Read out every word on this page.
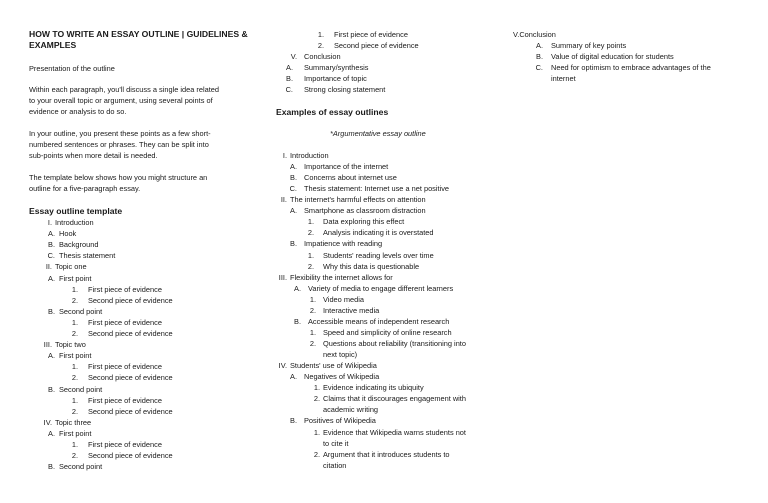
HOW TO WRITE AN ESSAY OUTLINE | GUIDELINES &
EXAMPLES
Presentation of the outline
Within each paragraph, you'll discuss a single idea related
to your overall topic or argument, using several points of
evidence or analysis to do so.
In your outline, you present these points as a few short-
numbered sentences or phrases. They can be split into
sub-points when more detail is needed.
The template below shows how you might structure an
outline for a five-paragraph essay.
Essay outline template
I. Introduction
A. Hook
B. Background
C. Thesis statement
II. Topic one
A. First point
1. First piece of evidence
2. Second piece of evidence
B. Second point
1. First piece of evidence
2. Second piece of evidence
III. Topic two
A. First point
1. First piece of evidence
2. Second piece of evidence
B. Second point
1. First piece of evidence
2. Second piece of evidence
IV. Topic three
A. First point
1. First piece of evidence
2. Second piece of evidence
B. Second point
1. First piece of evidence
2. Second piece of evidence
V. Conclusion
A. Summary/synthesis
B. Importance of topic
C. Strong closing statement
Examples of essay outlines
*Argumentative essay outline
I. Introduction
A. Importance of the internet
B. Concerns about internet use
C. Thesis statement: Internet use a net positive
II. The internet's harmful effects on attention
A. Smartphone as classroom distraction
1. Data exploring this effect
2. Analysis indicating it is overstated
B. Impatience with reading
1. Students' reading levels over time
2. Why this data is questionable
III. Flexibility the internet allows for
A. Variety of media to engage different learners
1. Video media
2. Interactive media
B. Accessible means of independent research
1. Speed and simplicity of online research
2. Questions about reliability (transitioning into
next topic)
IV. Students' use of Wikipedia
A. Negatives of Wikipedia
1. Evidence indicating its ubiquity
2. Claims that it discourages engagement with
academic writing
B. Positives of Wikipedia
1. Evidence that Wikipedia warns students not
to cite it
2. Argument that it introduces students to
citation
V.Conclusion
A. Summary of key points
B. Value of digital education for students
C. Need for optimism to embrace advantages of the
internet
